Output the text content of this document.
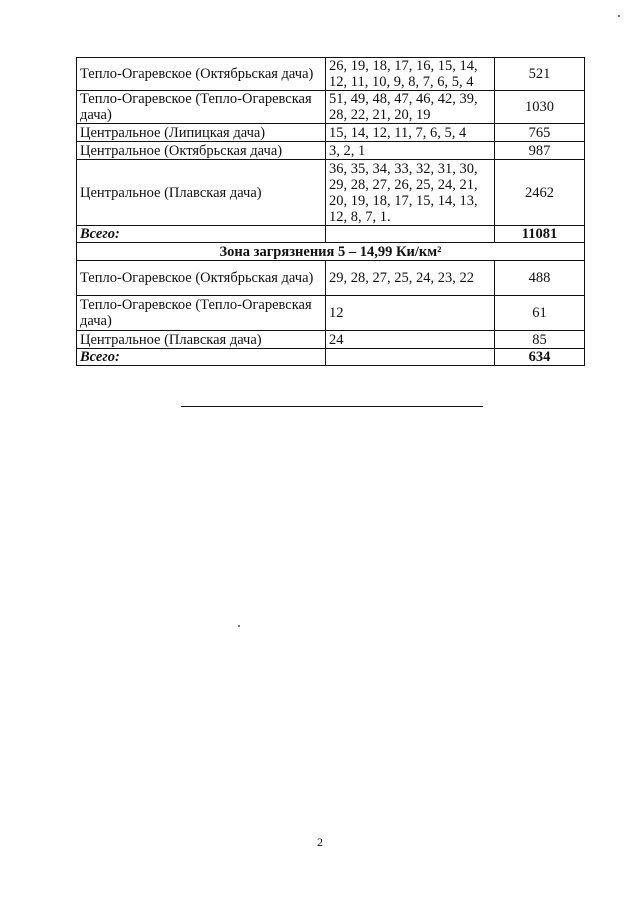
Тепло-Огаревское (Октябрьская дача)	26, 19, 18, 17, 16, 15, 14, 12, 11, 10, 9, 8, 7, 6, 5, 4	521
Тепло-Огаревское (Тепло-Огаревская дача)	51, 49, 48, 47, 46, 42, 39, 28, 22, 21, 20, 19	1030
Центральное (Липицкая дача)	15, 14, 12, 11, 7, 6, 5, 4	765
Центральное (Октябрьская дача)	3, 2, 1	987
Центральное (Плавская дача)	36, 35, 34, 33, 32, 31, 30, 29, 28, 27, 26, 25, 24, 21, 20, 19, 18, 17, 15, 14, 13, 12, 8, 7, 1.	2462
Всего:		11081
Зона загрязнения 5 – 14,99 Ки/км²		
Тепло-Огаревское (Октябрьская дача)	29, 28, 27, 25, 24, 23, 22	488
Тепло-Огаревское (Тепло-Огаревская дача)	12	61
Центральное (Плавская дача)	24	85
Всего:		634
2
